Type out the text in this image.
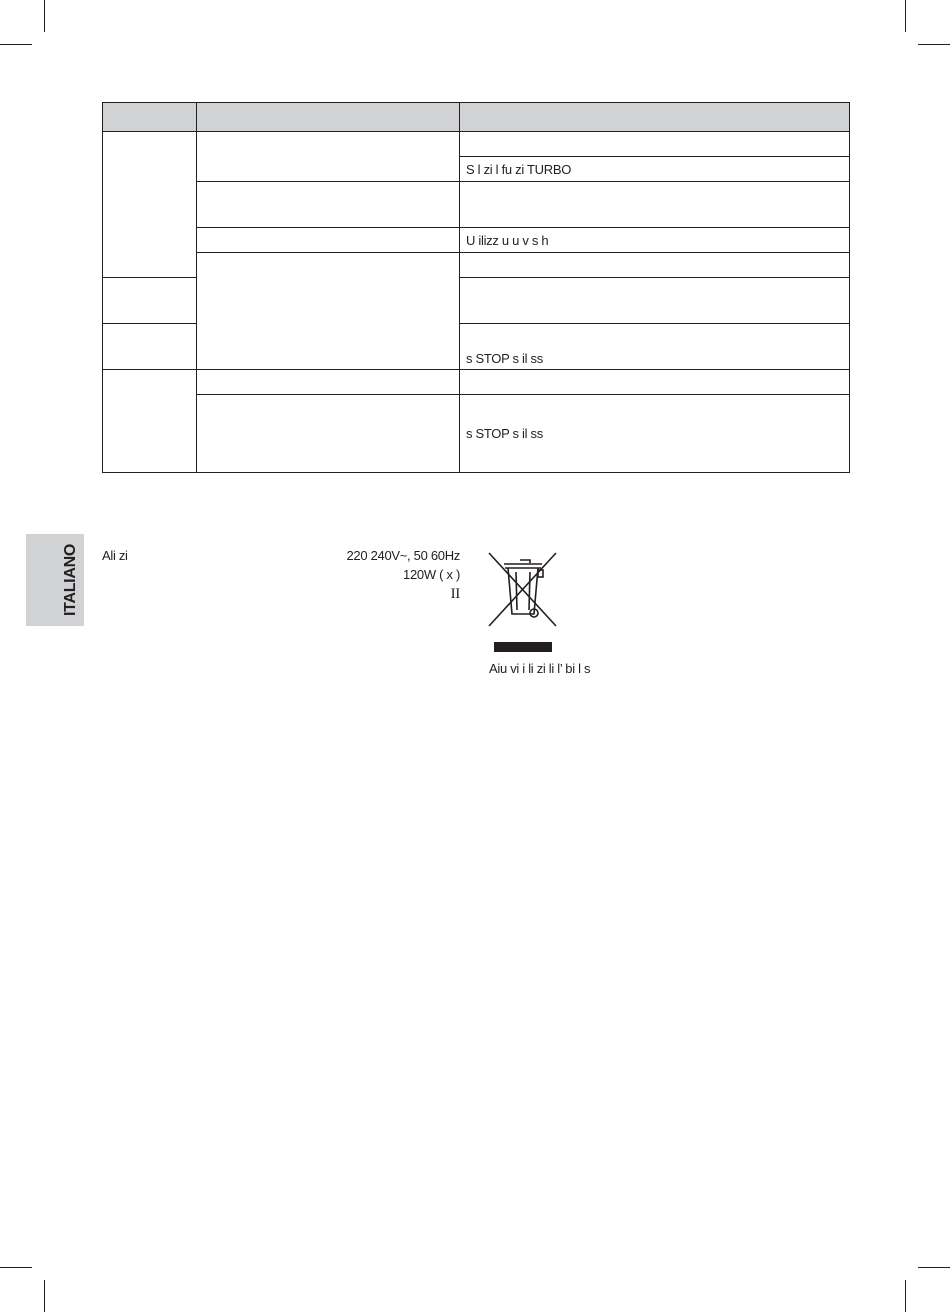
		S l zi l fu zi TURBO	

		U ilizz u u v s h	

		s STOP s il ss	

		s STOP s il ss	
ITALIANO Ali zi	220 240V~, 50 60Hz
120W ( x )
II
Aiu vi i li zi li l’ bi l s
